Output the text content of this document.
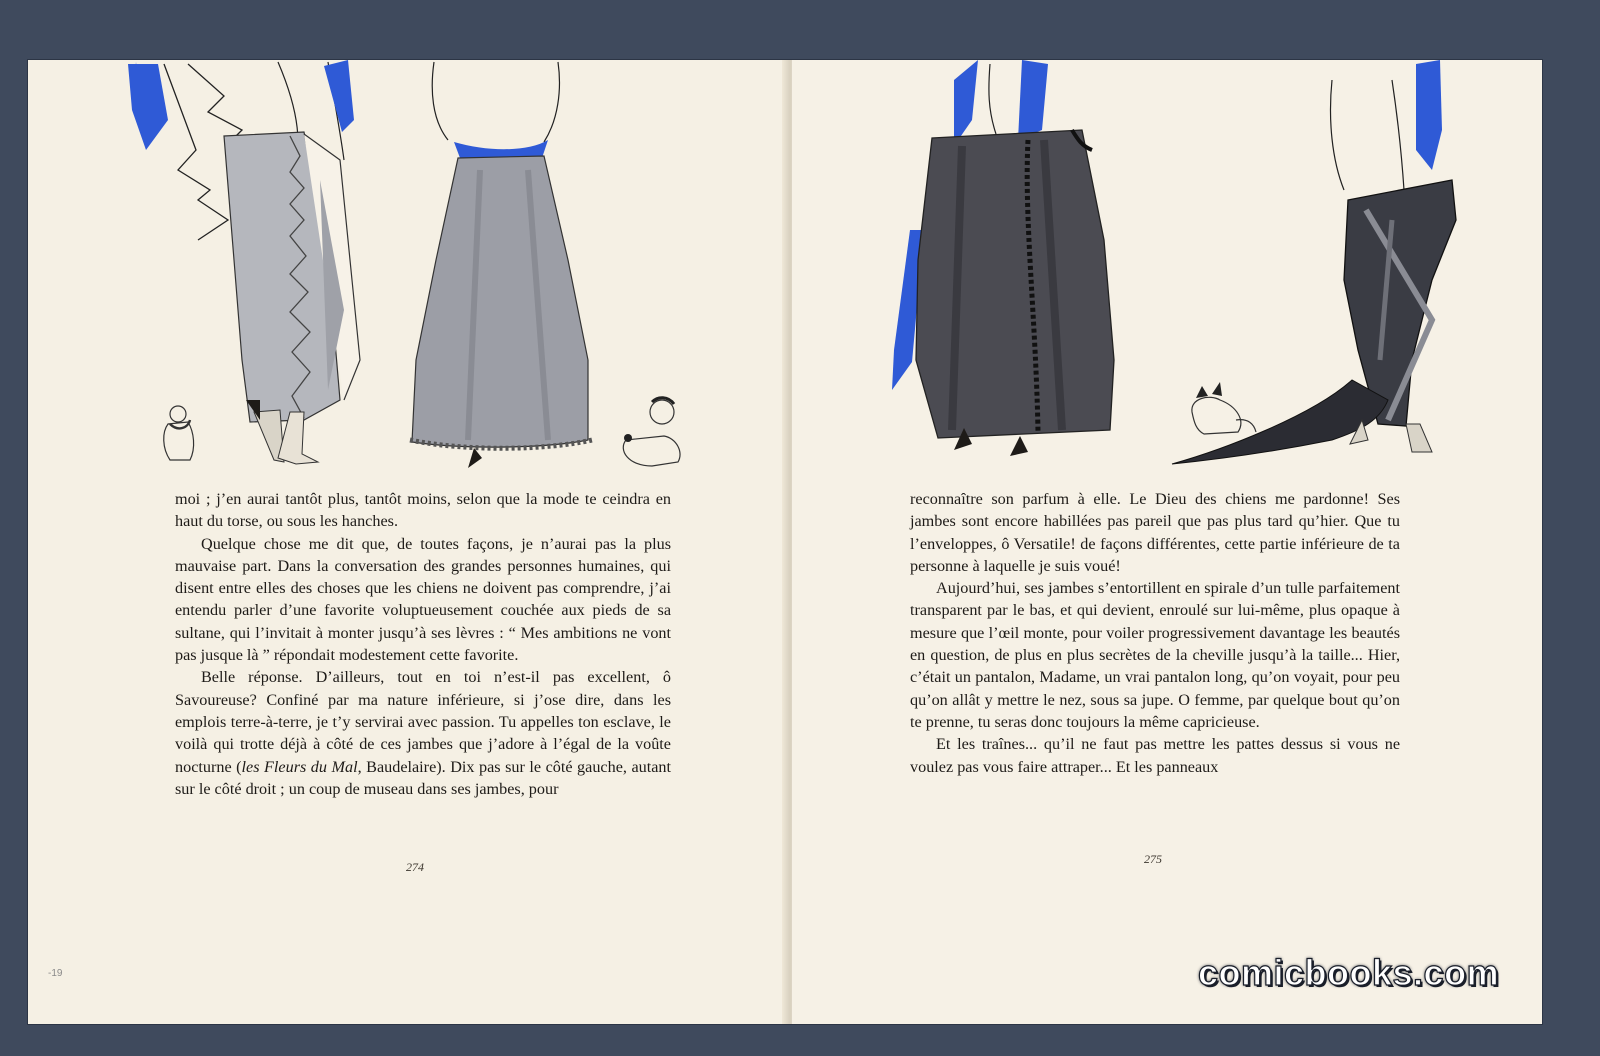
moi ; j’en aurai tantôt plus, tantôt moins, selon que la mode te ceindra en haut du torse, ou sous les hanches.

Quelque chose me dit que, de toutes façons, je n’aurai pas la plus mauvaise part. Dans la conversation des grandes personnes humaines, qui disent entre elles des choses que les chiens ne doivent pas comprendre, j’ai entendu parler d’une favorite voluptueusement couchée aux pieds de sa sultane, qui l’invitait à monter jusqu’à ses lèvres : “ Mes ambitions ne vont pas jusque là ” répondait modestement cette favorite.

Belle réponse. D’ailleurs, tout en toi n’est-il pas excellent, ô Savoureuse? Confiné par ma nature inférieure, si j’ose dire, dans les emplois terre-à-terre, je t’y servirai avec passion. Tu appelles ton esclave, le voilà qui trotte déjà à côté de ces jambes que j’adore à l’égal de la voûte nocturne (les Fleurs du Mal, Baudelaire). Dix pas sur le côté gauche, autant sur le côté droit ; un coup de museau dans ses jambes, pour

274

reconnaître son parfum à elle. Le Dieu des chiens me pardonne! Ses jambes sont encore habillées pas pareil que pas plus tard qu’hier. Que tu l’enveloppes, ô Versatile! de façons différentes, cette partie inférieure de ta personne à laquelle je suis voué!

Aujourd’hui, ses jambes s’entortillent en spirale d’un tulle parfaitement transparent par le bas, et qui devient, enroulé sur lui-même, plus opaque à mesure que l’œil monte, pour voiler progressivement davantage les beautés en question, de plus en plus secrètes de la cheville jusqu’à la taille... Hier, c’était un pantalon, Madame, un vrai pantalon long, qu’on voyait, pour peu qu’on allât y mettre le nez, sous sa jupe. O femme, par quelque bout qu’on te prenne, tu seras donc toujours la même capricieuse.

Et les traînes... qu’il ne faut pas mettre les pattes dessus si vous ne voulez pas vous faire attraper... Et les panneaux

275
-19	comicbooks.com
